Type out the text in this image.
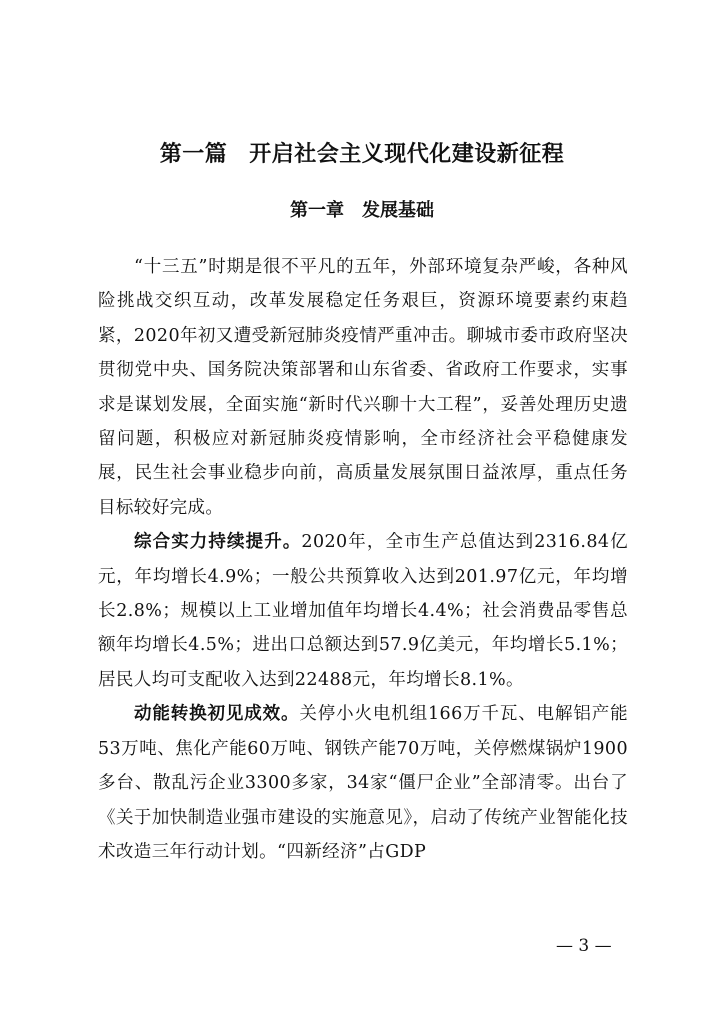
第一篇 开启社会主义现代化建设新征程
第一章 发展基础

“十三五”时期是很不平凡的五年，外部环境复杂严峻，各种风险挑战交织互动，改革发展稳定任务艰巨，资源环境要素约束趋紧，2020年初又遭受新冠肺炎疫情严重冲击。聊城市委市政府坚决贯彻党中央、国务院决策部署和山东省委、省政府工作要求，实事求是谋划发展，全面实施“新时代兴聊十大工程”，妥善处理历史遗留问题，积极应对新冠肺炎疫情影响，全市经济社会平稳健康发展，民生社会事业稳步向前，高质量发展氛围日益浓厚，重点任务目标较好完成。

综合实力持续提升。2020年，全市生产总值达到2316.84亿元，年均增长4.9%；一般公共预算收入达到201.97亿元，年均增长2.8%；规模以上工业增加值年均增长4.4%；社会消费品零售总额年均增长4.5%；进出口总额达到57.9亿美元，年均增长5.1%；居民人均可支配收入达到22488元，年均增长8.1%。

动能转换初见成效。关停小火电机组166万千瓦、电解铝产能53万吨、焦化产能60万吨、钢铁产能70万吨，关停燃煤锅炉1900多台、散乱污企业3300多家，34家“僵尸企业”全部清零。出台了《关于加快制造业强市建设的实施意见》，启动了传统产业智能化技术改造三年行动计划。“四新经济”占GDP

— 3 —
